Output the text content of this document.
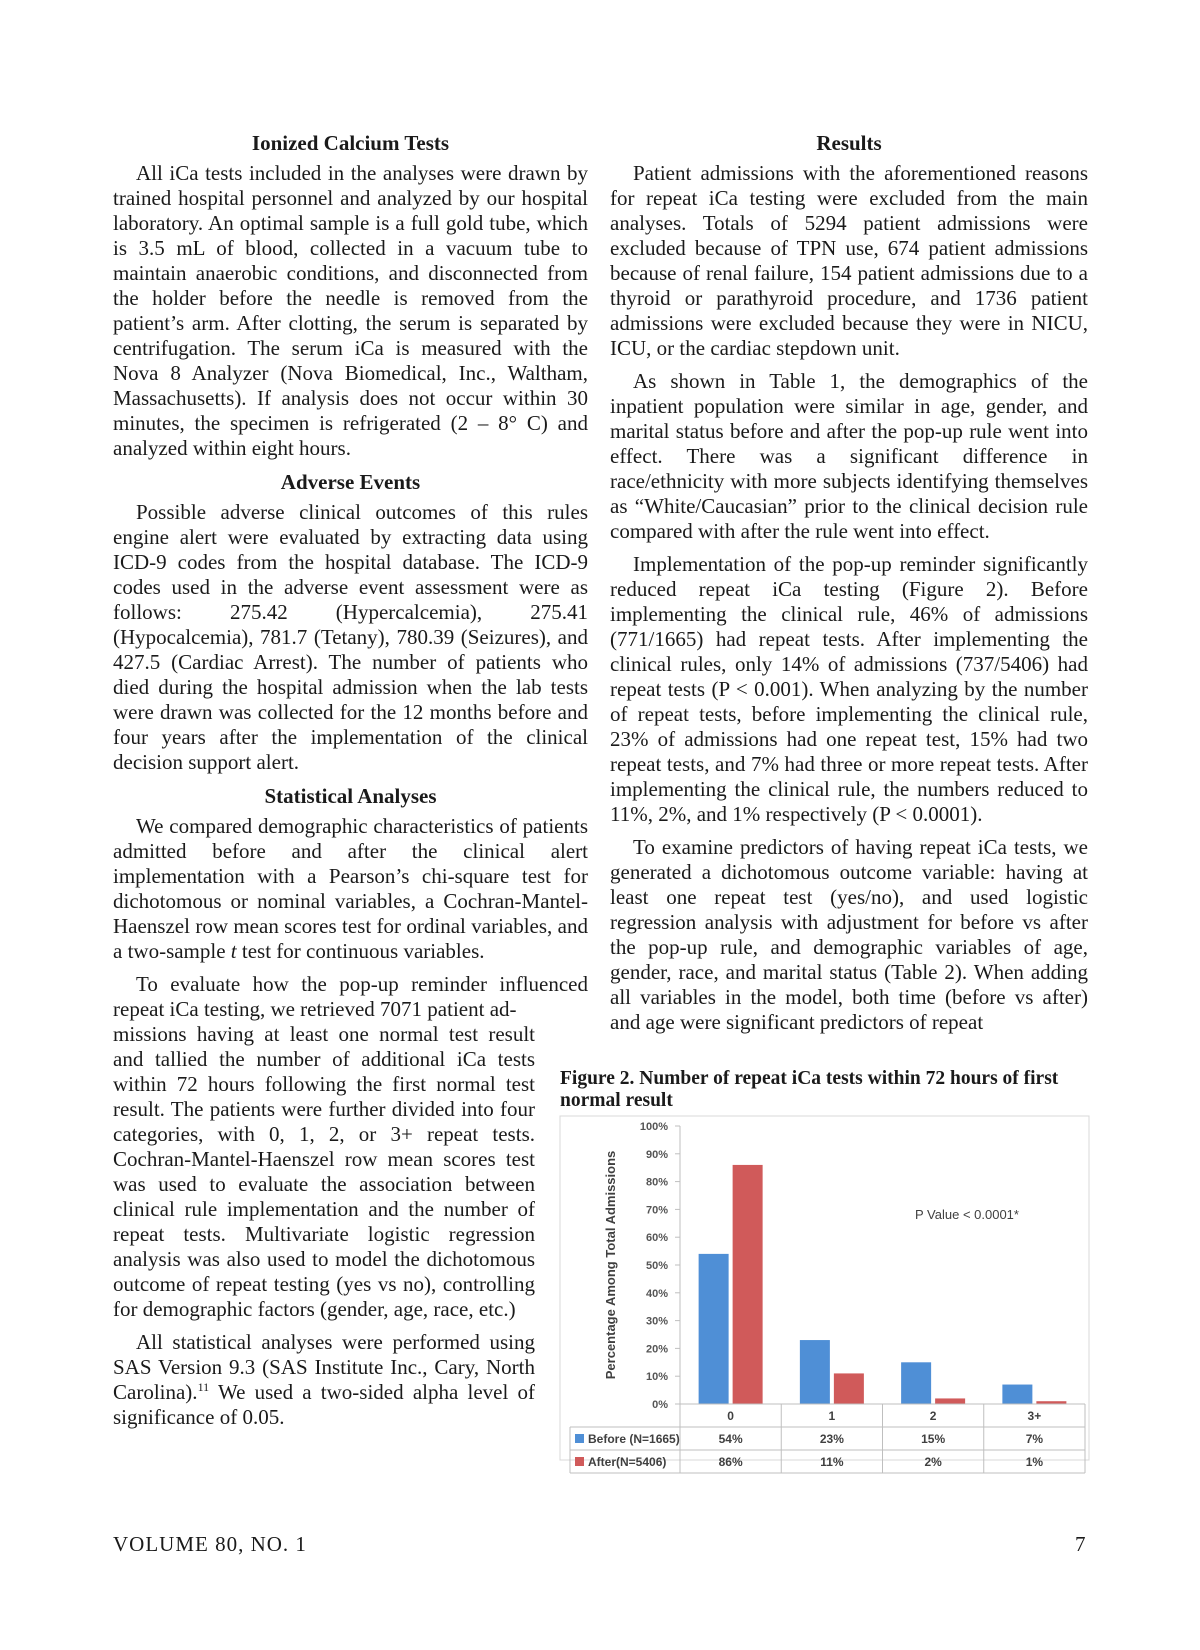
Ionized Calcium Tests

All iCa tests included in the analyses were drawn by trained hospital personnel and analyzed by our hospital laboratory. An optimal sample is a full gold tube, which is 3.5 mL of blood, collected in a vacuum tube to maintain anaerobic conditions, and disconnected from the holder before the needle is removed from the patient’s arm. After clotting, the serum is separated by centrifugation. The serum iCa is measured with the Nova 8 Analyzer (Nova Biomedical, Inc., Waltham, Massachusetts). If analysis does not occur within 30 minutes, the specimen is refrigerated (2 – 8° C) and analyzed within eight hours.

Adverse Events

Possible adverse clinical outcomes of this rules engine alert were evaluated by extracting data using ICD-9 codes from the hospital database. The ICD-9 codes used in the adverse event assessment were as follows: 275.42 (Hypercalcemia), 275.41 (Hypocalcemia), 781.7 (Tetany), 780.39 (Seizures), and 427.5 (Cardiac Arrest). The number of patients who died during the hospital admission when the lab tests were drawn was collected for the 12 months before and four years after the implementation of the clinical decision support alert.

Statistical Analyses

We compared demographic characteristics of patients admitted before and after the clinical alert implementation with a Pearson’s chi-square test for dichotomous or nominal variables, a Cochran-Mantel-Haenszel row mean scores test for ordinal variables, and a two-sample t test for continuous variables.

To evaluate how the pop-up reminder influenced repeat iCa testing, we retrieved 7071 patient ad-

missions having at least one normal test result and tallied the number of additional iCa tests within 72 hours following the first normal test result. The patients were further divided into four categories, with 0, 1, 2, or 3+ repeat tests. Cochran-Mantel-Haenszel row mean scores test was used to evaluate the association between clinical rule implementation and the number of repeat tests. Multivariate logistic regression analysis was also used to model the dichotomous outcome of repeat testing (yes vs no), controlling for demographic factors (gender, age, race, etc.)

All statistical analyses were performed using SAS Version 9.3 (SAS Institute Inc., Cary, North Carolina).$^{11}$ We used a two-sided alpha level of significance of 0.05.

Results

Patient admissions with the aforementioned reasons for repeat iCa testing were excluded from the main analyses. Totals of 5294 patient admissions were excluded because of TPN use, 674 patient admissions because of renal failure, 154 patient admissions due to a thyroid or parathyroid procedure, and 1736 patient admissions were excluded because they were in NICU, ICU, or the cardiac stepdown unit.

As shown in Table 1, the demographics of the inpatient population were similar in age, gender, and marital status before and after the pop-up rule went into effect. There was a significant difference in race/ethnicity with more subjects identifying themselves as “White/Caucasian” prior to the clinical decision rule compared with after the rule went into effect.

Implementation of the pop-up reminder significantly reduced repeat iCa testing (Figure 2). Before implementing the clinical rule, 46% of admissions (771/1665) had repeat tests. After implementing the clinical rules, only 14% of admissions (737/5406) had repeat tests (P < 0.001). When analyzing by the number of repeat tests, before implementing the clinical rule, 23% of admissions had one repeat test, 15% had two repeat tests, and 7% had three or more repeat tests. After implementing the clinical rule, the numbers reduced to 11%, 2%, and 1% respectively (P < 0.0001).

To examine predictors of having repeat iCa tests, we generated a dichotomous outcome variable: having at least one repeat test (yes/no), and used logistic regression analysis with adjustment for before vs after the pop-up rule, and demographic variables of age, gender, race, and marital status (Table 2). When adding all variables in the model, both time (before vs after) and age were significant predictors of repeat

Figure 2. Number of repeat iCa tests within 72 hours of first normal result
0%
10%
20%
30%
40%
50%
60%
70%
80%
90%
100%
Percentage Among Total Admissions	P Value < 0.0001*
0
54%
86%
1
23%
11%
2
15%
2%
3+
7%
1%
Before (N=1665)
After(N=5406)
VOLUME 80, NO. 1	7
